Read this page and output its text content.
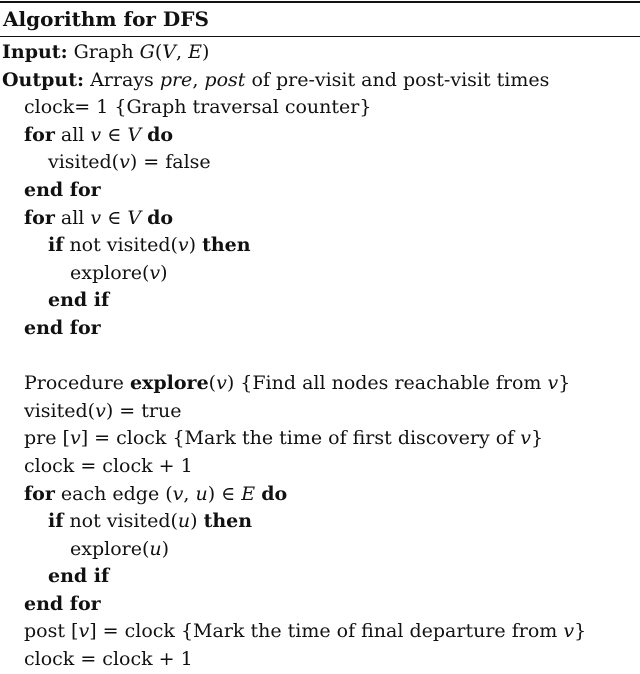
Algorithm for DFS
Input: Graph G(V, E)
Output: Arrays pre, post of pre-visit and post-visit times
clock= 1 {Graph traversal counter}
for all v ∈ V do
visited(v) = false
end for
for all v ∈ V do
if not visited(v) then
explore(v)
end if
end for
Procedure explore(v) {Find all nodes reachable from v}
visited(v) = true
pre [v] = clock {Mark the time of first discovery of v}
clock = clock + 1
for each edge (v, u) ∈ E do
if not visited(u) then
explore(u)
end if
end for
post [v] = clock {Mark the time of final departure from v}
clock = clock + 1
